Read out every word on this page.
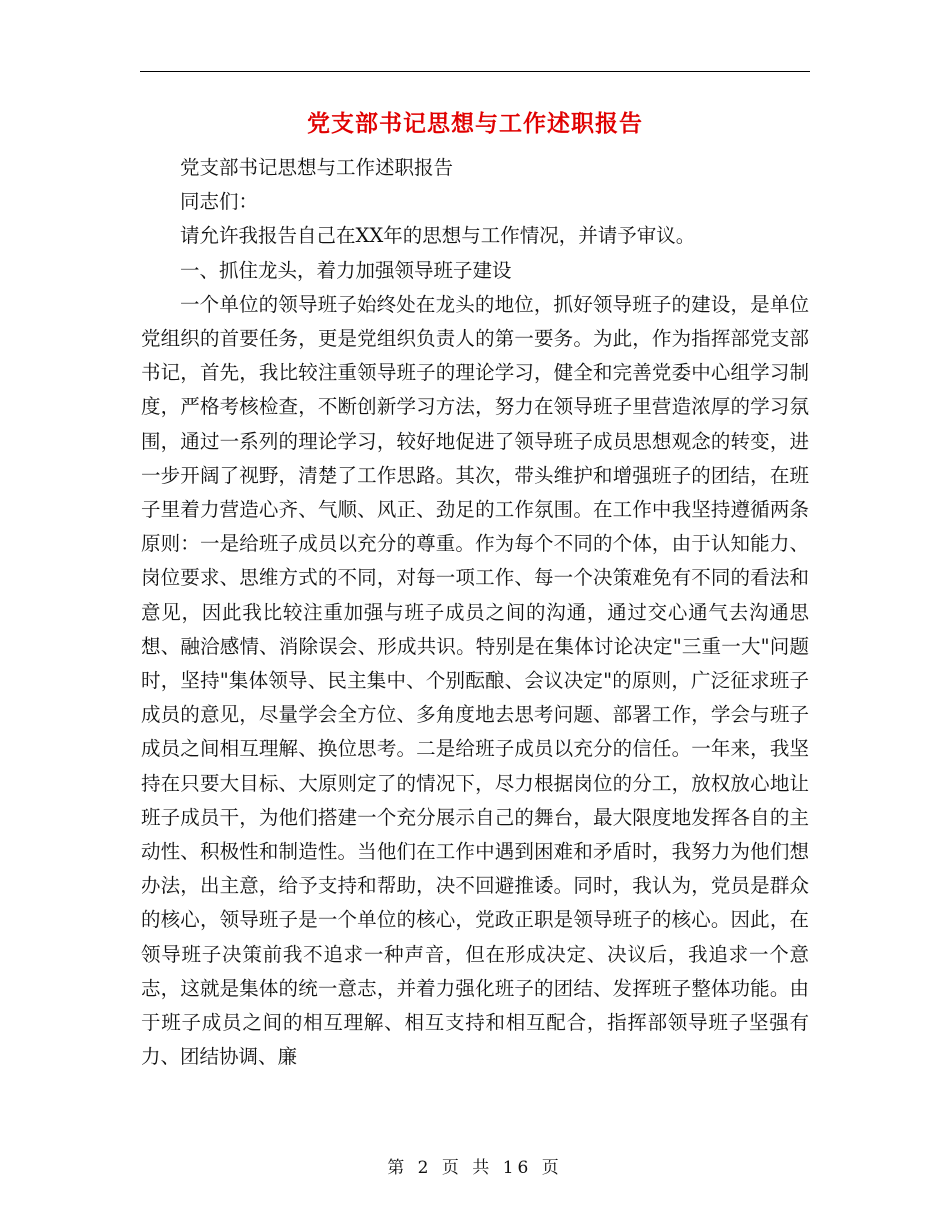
党支部书记思想与工作述职报告

党支部书记思想与工作述职报告

同志们：

请允许我报告自己在XX年的思想与工作情况，并请予审议。

一、抓住龙头，着力加强领导班子建设

一个单位的领导班子始终处在龙头的地位，抓好领导班子的建设，是单位党组织的首要任务，更是党组织负责人的第一要务。为此，作为指挥部党支部书记，首先，我比较注重领导班子的理论学习，健全和完善党委中心组学习制度，严格考核检查，不断创新学习方法，努力在领导班子里营造浓厚的学习氛围，通过一系列的理论学习，较好地促进了领导班子成员思想观念的转变，进一步开阔了视野，清楚了工作思路。其次，带头维护和增强班子的团结，在班子里着力营造心齐、气顺、风正、劲足的工作氛围。在工作中我坚持遵循两条原则：一是给班子成员以充分的尊重。作为每个不同的个体，由于认知能力、岗位要求、思维方式的不同，对每一项工作、每一个决策难免有不同的看法和意见，因此我比较注重加强与班子成员之间的沟通，通过交心通气去沟通思想、融洽感情、消除误会、形成共识。特别是在集体讨论决定"三重一大"问题时，坚持"集体领导、民主集中、个别酝酿、会议决定"的原则，广泛征求班子成员的意见，尽量学会全方位、多角度地去思考问题、部署工作，学会与班子成员之间相互理解、换位思考。二是给班子成员以充分的信任。一年来，我坚持在只要大目标、大原则定了的情况下，尽力根据岗位的分工，放权放心地让班子成员干，为他们搭建一个充分展示自己的舞台，最大限度地发挥各自的主动性、积极性和制造性。当他们在工作中遇到困难和矛盾时，我努力为他们想办法，出主意，给予支持和帮助，决不回避推诿。同时，我认为，党员是群众的核心，领导班子是一个单位的核心，党政正职是领导班子的核心。因此，在领导班子决策前我不追求一种声音，但在形成决定、决议后，我追求一个意志，这就是集体的统一意志，并着力强化班子的团结、发挥班子整体功能。由于班子成员之间的相互理解、相互支持和相互配合，指挥部领导班子坚强有力、团结协调、廉

第 2 页 共 16 页
